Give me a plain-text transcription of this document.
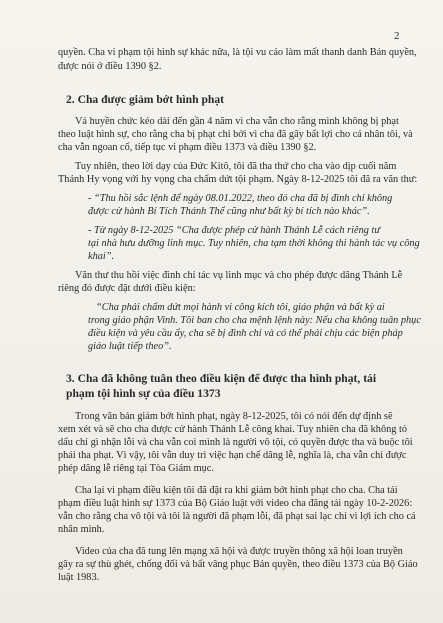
2
quyền. Cha vi phạm tội hình sự khác nữa, là tội vu cáo làm mất thanh danh Bản quyền,
được nói ở điều 1390 §2.
2. Cha được giảm bớt hình phạt
Vả huyền chức kéo dài đến gần 4 năm vì cha vẫn cho rằng mình không bị phạt
theo luật hình sự, cho rằng cha bị phạt chỉ bởi vì cha đã gây bất lợi cho cá nhân tôi, và
cha vẫn ngoan cố, tiếp tục vi phạm điều 1373 và điều 1390 §2.
Tuy nhiên, theo lời dạy của Đức Kitô, tôi đã tha thứ cho cha vào dịp cuối năm
Thánh Hy vọng với hy vọng cha chấm dứt tội phạm. Ngày 8-12-2025 tôi đã ra văn thư:
- “Thu hồi sắc lệnh để ngày 08.01.2022, theo đó cha đã bị đình chỉ không
được cử hành Bí Tích Thánh Thể cũng như bất kỳ bí tích nào khác”.
- Từ ngày 8-12-2025 “Cha được phép cử hành Thánh Lễ cách riêng tư
tại nhà hưu dưỡng linh mục. Tuy nhiên, cha tạm thời không thi hành tác vụ công
khai”.
Văn thư thu hồi việc đình chỉ tác vụ linh mục và cho phép được dâng Thánh Lễ
riêng đó được đặt dưới điều kiện:
“Cha phải chấm dứt mọi hành vi công kích tôi, giáo phận và bất kỳ ai
trong giáo phận Vinh. Tôi ban cho cha mệnh lệnh này: Nếu cha không tuân phục
điều kiện và yêu cầu ấy, cha sẽ bị đình chỉ và có thể phải chịu các biện pháp
giáo luật tiếp theo”.
3. Cha đã không tuân theo điều kiện để được tha hình phạt, tái
phạm tội hình sự của điều 1373
Trong văn bản giảm bớt hình phạt, ngày 8-12-2025, tôi có nói đến dự định sẽ
xem xét và sẽ cho cha được cử hành Thánh Lễ công khai. Tuy nhiên cha đã không tỏ
dấu chỉ gì nhận lỗi và cha vẫn coi mình là người vô tội, có quyền được tha và buộc tôi
phải tha phạt. Vì vậy, tôi vẫn duy trì việc hạn chế dâng lễ, nghĩa là, cha vẫn chỉ được
phép dâng lễ riêng tại Tòa Giám mục.
Cha lại vi phạm điều kiện tôi đã đặt ra khi giảm bớt hình phạt cho cha. Cha tái
phạm điều luật hình sự 1373 của Bộ Giáo luật với video cha đăng tải ngày 10-2-2026:
vẫn cho rằng cha vô tội và tôi là người đã phạm lỗi, đã phạt sai lạc chỉ vì lợi ích cho cá
nhân mình.
Video của cha đã tung lên mạng xã hội và được truyền thông xã hội loan truyền
gây ra sự thù ghét, chống đối và bất vâng phục Bản quyền, theo điều 1373 của Bộ Giáo
luật 1983.
